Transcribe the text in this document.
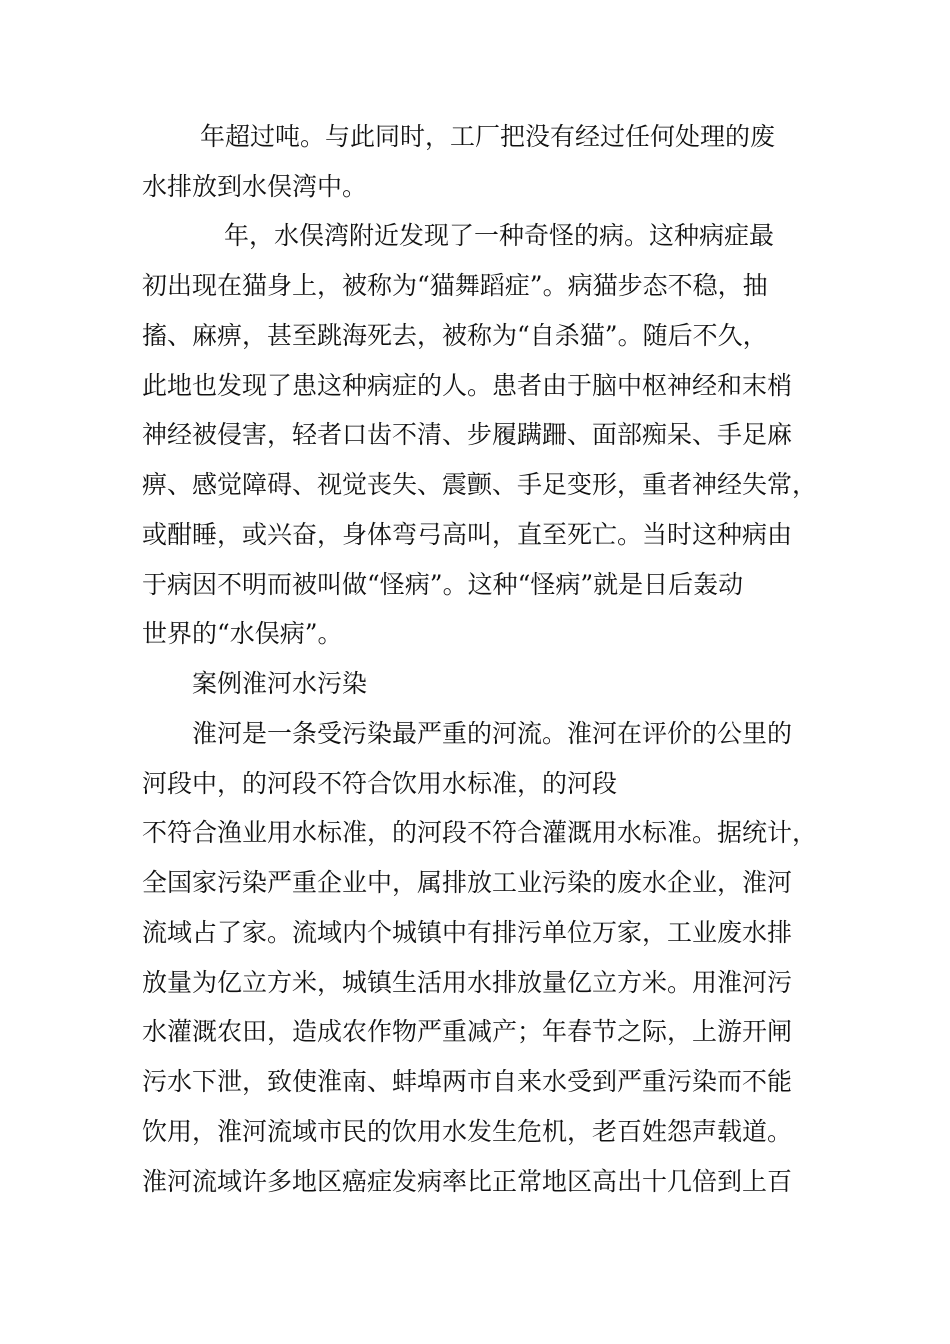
年超过吨。与此同时，工厂把没有经过任何处理的废
水排放到水俣湾中。
年，水俣湾附近发现了一种奇怪的病。这种病症最
初出现在猫身上，被称为“猫舞蹈症”。病猫步态不稳，抽
搐、麻痹，甚至跳海死去，被称为“自杀猫”。随后不久，
此地也发现了患这种病症的人。患者由于脑中枢神经和末梢
神经被侵害，轻者口齿不清、步履蹒跚、面部痴呆、手足麻
痹、感觉障碍、视觉丧失、震颤、手足变形，重者神经失常，
或酣睡，或兴奋，身体弯弓高叫，直至死亡。当时这种病由
于病因不明而被叫做“怪病”。这种“怪病”就是日后轰动
世界的“水俣病”。
案例淮河水污染
淮河是一条受污染最严重的河流。淮河在评价的公里的
河段中，的河段不符合饮用水标准，的河段
不符合渔业用水标准，的河段不符合灌溉用水标准。据统计，
全国家污染严重企业中，属排放工业污染的废水企业，淮河
流域占了家。流域内个城镇中有排污单位万家，工业废水排
放量为亿立方米，城镇生活用水排放量亿立方米。用淮河污
水灌溉农田，造成农作物严重减产；年春节之际，上游开闸
污水下泄，致使淮南、蚌埠两市自来水受到严重污染而不能
饮用，淮河流域市民的饮用水发生危机，老百姓怨声载道。
淮河流域许多地区癌症发病率比正常地区高出十几倍到上百
